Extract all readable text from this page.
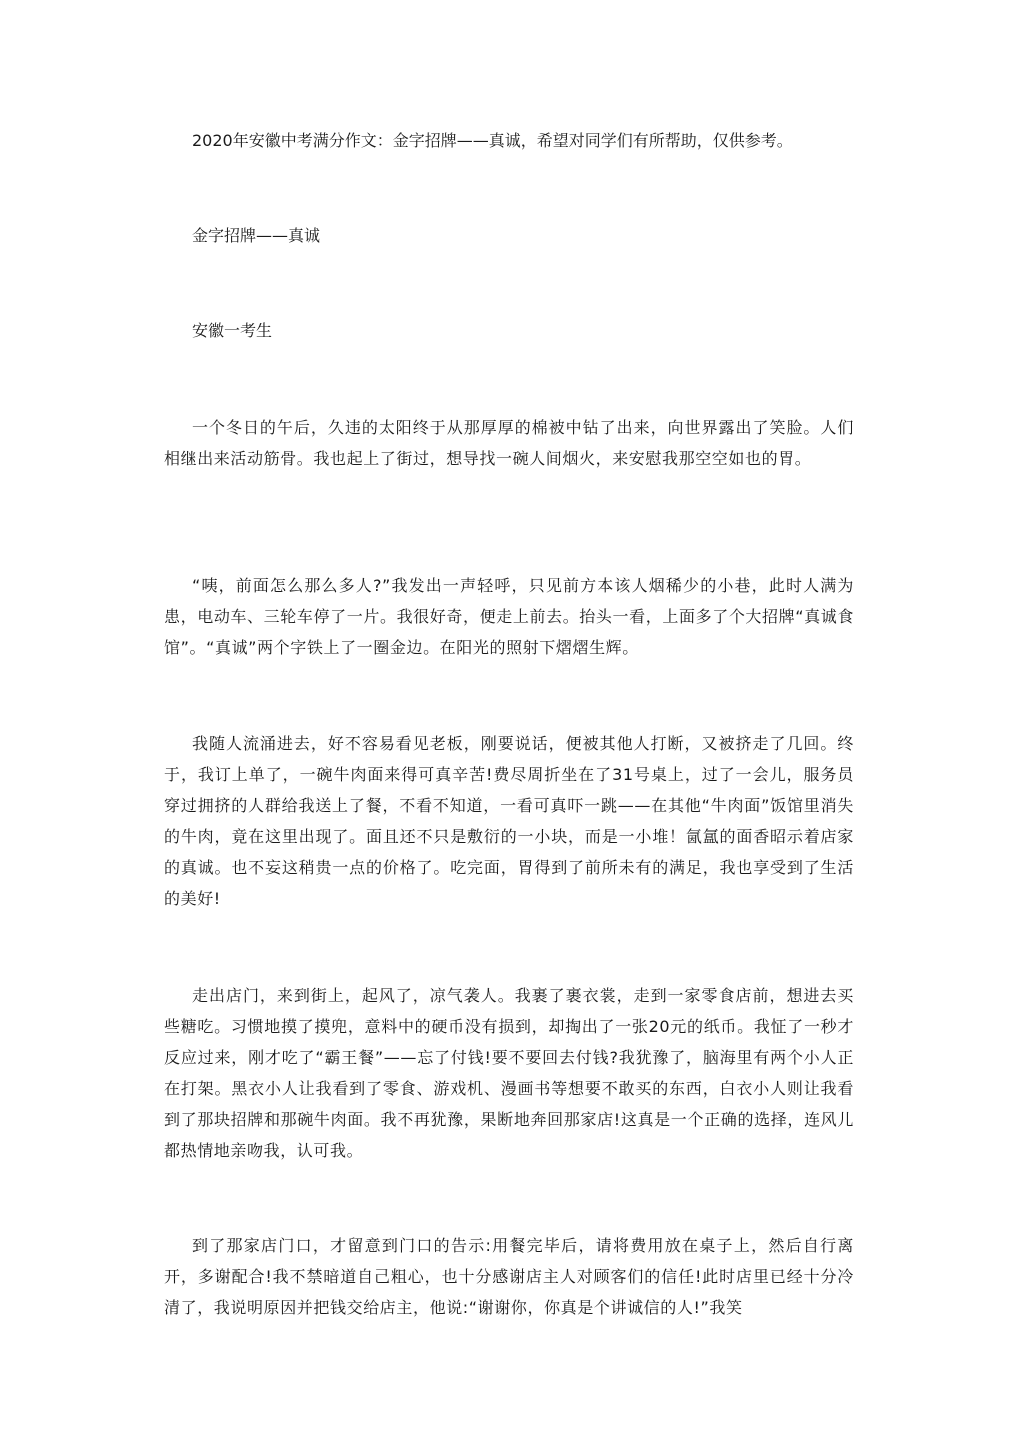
2020年安徽中考满分作文：金字招牌——真诚，希望对同学们有所帮助，仅供参考。
金字招牌——真诚
安徽一考生
一个冬日的午后，久违的太阳终于从那厚厚的棉被中钻了出来，向世界露出了笑脸。人们相继出来活动筋骨。我也起上了街过，想导找一碗人间烟火，来安慰我那空空如也的胃。
“咦，前面怎么那么多人?”我发出一声轻呼，只见前方本该人烟稀少的小巷，此时人满为患，电动车、三轮车停了一片。我很好奇，便走上前去。抬头一看，上面多了个大招牌“真诚食馆”。“真诚”两个字铁上了一圈金边。在阳光的照射下熠熠生辉。
我随人流涌进去，好不容易看见老板，刚要说话，便被其他人打断，又被挤走了几回。终于，我订上单了，一碗牛肉面来得可真辛苦!费尽周折坐在了31号桌上，过了一会儿，服务员穿过拥挤的人群给我送上了餐，不看不知道，一看可真吓一跳——在其他“牛肉面”饭馆里消失的牛肉，竟在这里出现了。面且还不只是敷衍的一小块，而是一小堆！氤氲的面香昭示着店家的真诚。也不妄这稍贵一点的价格了。吃完面，胃得到了前所未有的满足，我也享受到了生活的美好!
走出店门，来到街上，起风了，凉气袭人。我裹了裹衣裳，走到一家零食店前，想进去买些糖吃。习惯地摸了摸兜，意料中的硬币没有损到，却掏出了一张20元的纸币。我怔了一秒才反应过来，刚才吃了“霸王餐”——忘了付钱!要不要回去付钱?我犹豫了，脑海里有两个小人正在打架。黑衣小人让我看到了零食、游戏机、漫画书等想要不敢买的东西，白衣小人则让我看到了那块招牌和那碗牛肉面。我不再犹豫，果断地奔回那家店!这真是一个正确的选择，连风儿都热情地亲吻我，认可我。
到了那家店门口，才留意到门口的告示:用餐完毕后，请将费用放在桌子上，然后自行离开，多谢配合!我不禁暗道自己粗心，也十分感谢店主人对顾客们的信任!此时店里已经十分冷清了，我说明原因并把钱交给店主，他说:“谢谢你，你真是个讲诚信的人!”我笑
